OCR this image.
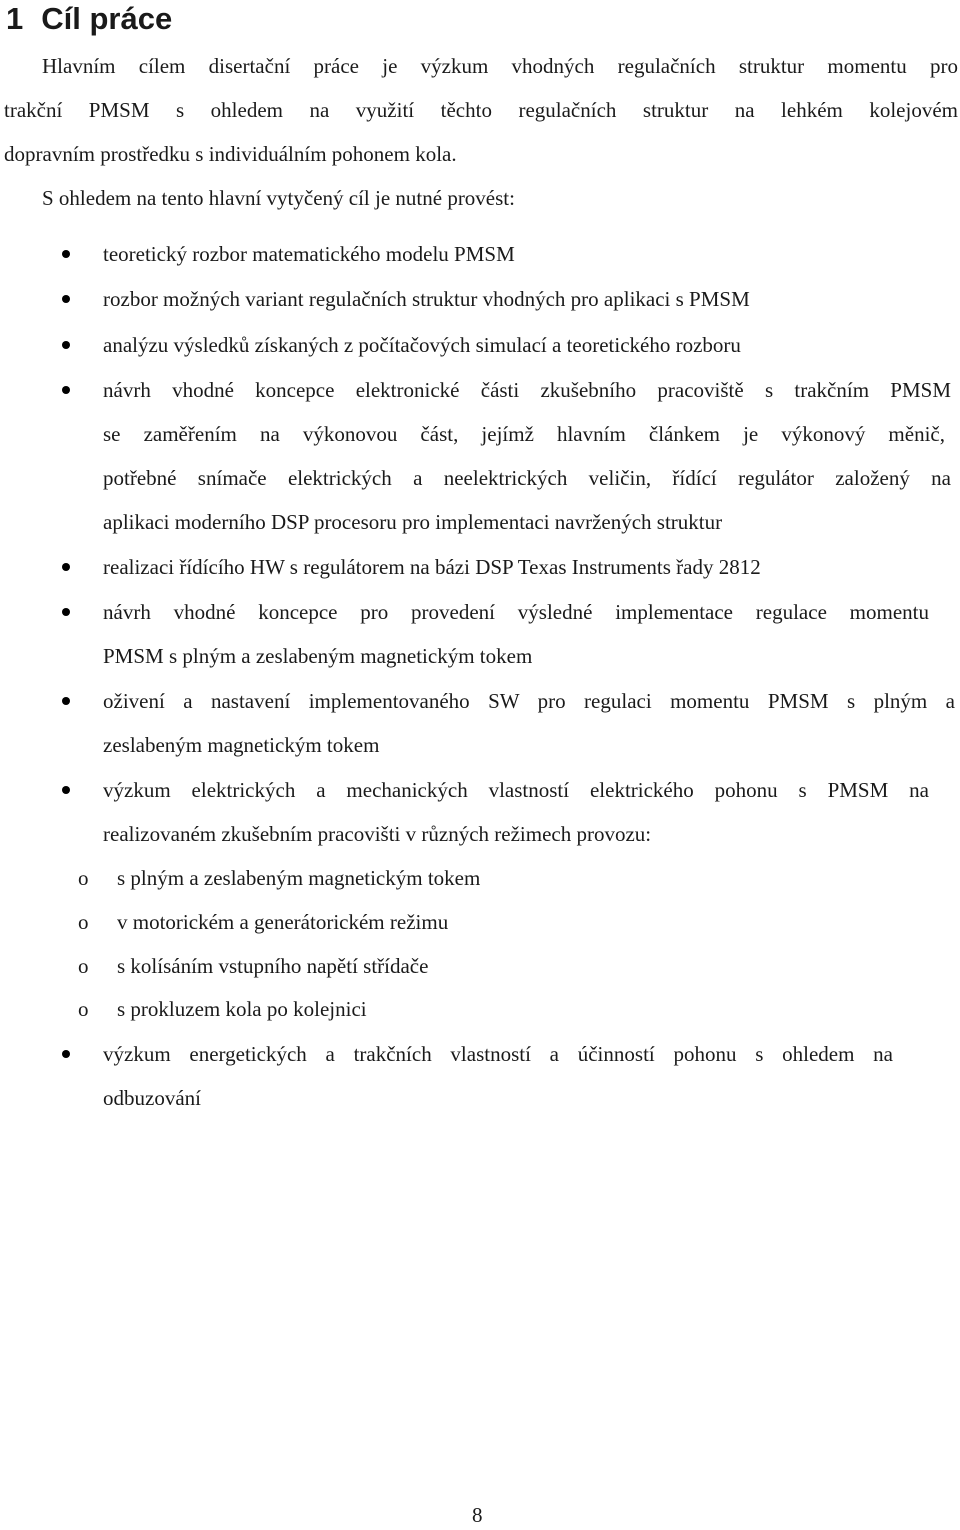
1 Cíl práce

Hlavním cílem disertační práce je výzkum vhodných regulačních struktur momentu pro

trakční PMSM s ohledem na využití těchto regulačních struktur na lehkém kolejovém

dopravním prostředku s individuálním pohonem kola.

S ohledem na tento hlavní vytyčený cíl je nutné provést:

teoretický rozbor matematického modelu PMSM

rozbor možných variant regulačních struktur vhodných pro aplikaci s PMSM

analýzu výsledků získaných z počítačových simulací a teoretického rozboru

návrh vhodné koncepce elektronické části zkušebního pracoviště s trakčním PMSM

se zaměřením na výkonovou část, jejímž hlavním článkem je výkonový měnič,

potřebné snímače elektrických a neelektrických veličin, řídící regulátor založený na

aplikaci moderního DSP procesoru pro implementaci navržených struktur

realizaci řídícího HW s regulátorem na bázi DSP Texas Instruments řady 2812

návrh vhodné koncepce pro provedení výsledné implementace regulace momentu

PMSM s plným a zeslabeným magnetickým tokem

oživení a nastavení implementovaného SW pro regulaci momentu PMSM s plným a

zeslabeným magnetickým tokem

výzkum elektrických a mechanických vlastností elektrického pohonu s PMSM na

realizovaném zkušebním pracovišti v různých režimech provozu:

o s plným a zeslabeným magnetickým tokem

o v motorickém a generátorickém režimu

o s kolísáním vstupního napětí střídače

o s prokluzem kola po kolejnici

výzkum energetických a trakčních vlastností a účinností pohonu s ohledem na

odbuzování

8
